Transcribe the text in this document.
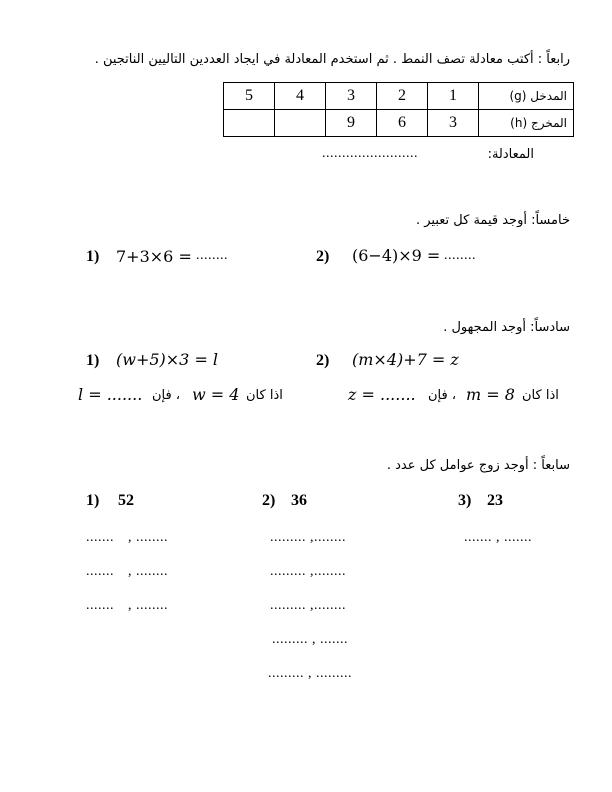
رابعاً : أكتب معادلة تصف النمط . ثم استخدم المعادلة في ايجاد العددين التاليين الناتجين .
5	4	3	2	1	المدخل (g)
		9	6	3	المخرج (h)
المعادلة:
........................
خامساً: أوجد قيمة كل تعبير .
1) 7+3×6 = ........	2) (6−4)×9 = ........
سادساً: أوجد المجهول .
1) (w+5)×3 = l	2) (m×4)+7 = z
l = ....... ، فإن w = 4 اذا كان	z = ....... ، فإن m = 8 اذا كان
سابعاً : أوجد زوج عوامل كل عدد .
1) 52	2) 36	3) 23
....... , ........
....... , ........
....... , ........
......... ,........
......... ,........
......... ,........
......... , .......
......... , .........
....... , .......
